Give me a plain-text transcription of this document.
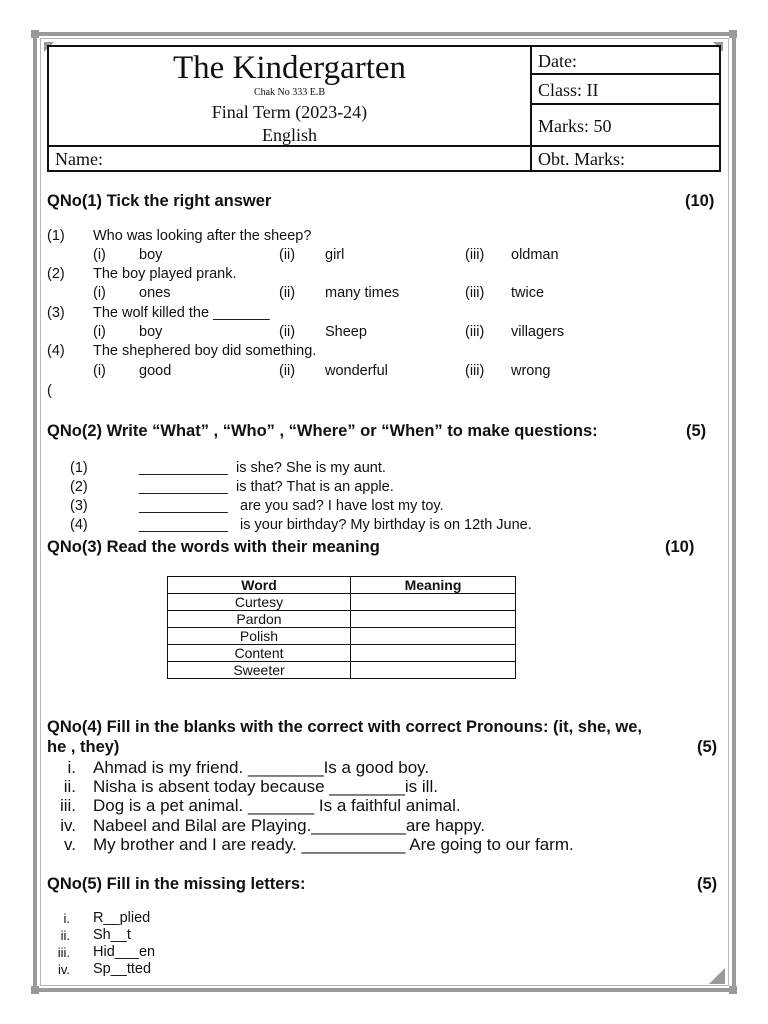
The Kindergarten
Chak No 333 E.B
Final Term (2023-24)
English
Date:
Class: II
Marks: 50
Name:	Obt. Marks:
QNo(1) Tick the right answer	(10)
(1) Who was looking after the sheep?
(i) boy	(ii) girl	(iii) oldman
(2) The boy played prank.
(i) ones	(ii) many times	(iii) twice
(3) The wolf killed the _______
(i) boy	(ii) Sheep	(iii) villagers
(4) The shephered boy did something.
(i) good	(ii) wonderful	(iii) wrong
(
QNo(2) Write “What” , “Who” , “Where” or “When” to make questions:	(5)
(1)	___________ is she? She is my aunt.
(2)	___________ is that? That is an apple.
(3)	___________ are you sad? I have lost my toy.
(4)	___________ is your birthday? My birthday is on 12th June.
QNo(3) Read the words with their meaning	(10)
Word	Meaning
Curtesy	
Pardon	
Polish	
Content	
Sweeter	
QNo(4) Fill in the blanks with the correct with correct Pronouns: (it, she, we,
he , they)	(5)
i. Ahmad is my friend. ________Is a good boy.
ii. Nisha is absent today because ________is ill.
iii. Dog is a pet animal. _______ Is a faithful animal.
iv. Nabeel and Bilal are Playing.__________are happy.
v. My brother and I are ready. ___________ Are going to our farm.
QNo(5) Fill in the missing letters:	(5)
i. R__plied
ii. Sh__t
iii. Hid___en
iv. Sp__tted
